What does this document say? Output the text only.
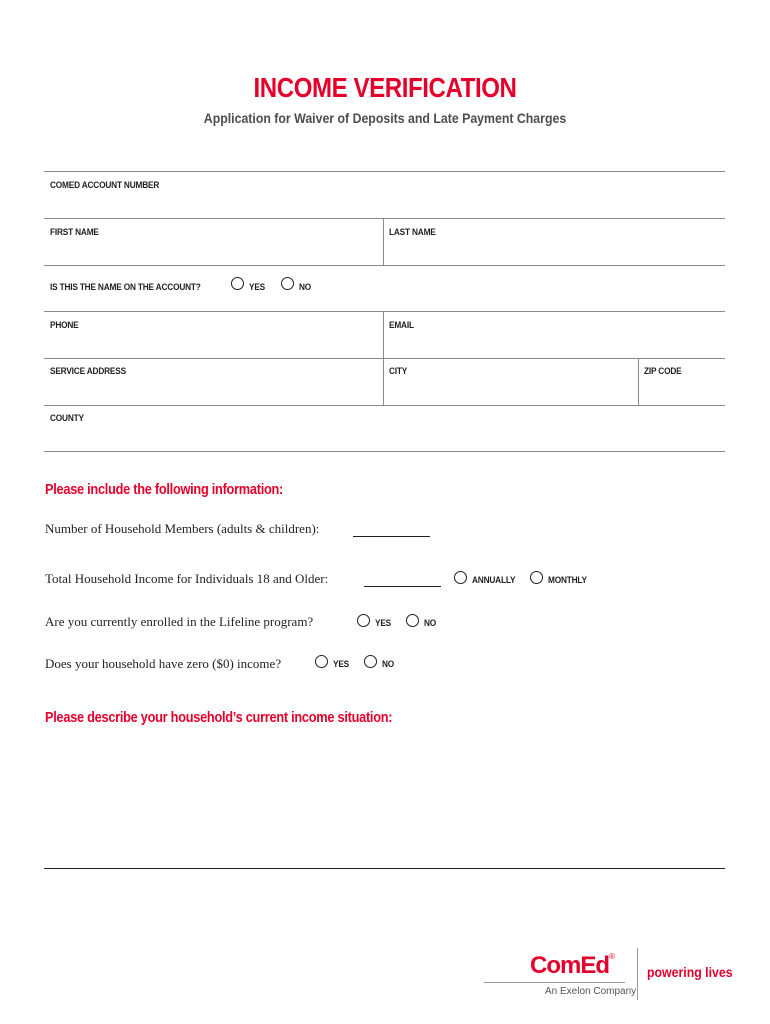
INCOME VERIFICATION
Application for Waiver of Deposits and Late Payment Charges
COMED ACCOUNT NUMBER
FIRST NAME	LAST NAME
IS THIS THE NAME ON THE ACCOUNT?	YES	NO
PHONE	EMAIL
SERVICE ADDRESS	CITY	ZIP CODE
COUNTY
Please include the following information:
Number of Household Members (adults & children):
Total Household Income for Individuals 18 and Older:	ANNUALLY	MONTHLY
Are you currently enrolled in the Lifeline program?	YES	NO
Does your household have zero ($0) income?	YES	NO
Please describe your household’s current income situation:
ComEd®
An Exelon Company
powering lives
